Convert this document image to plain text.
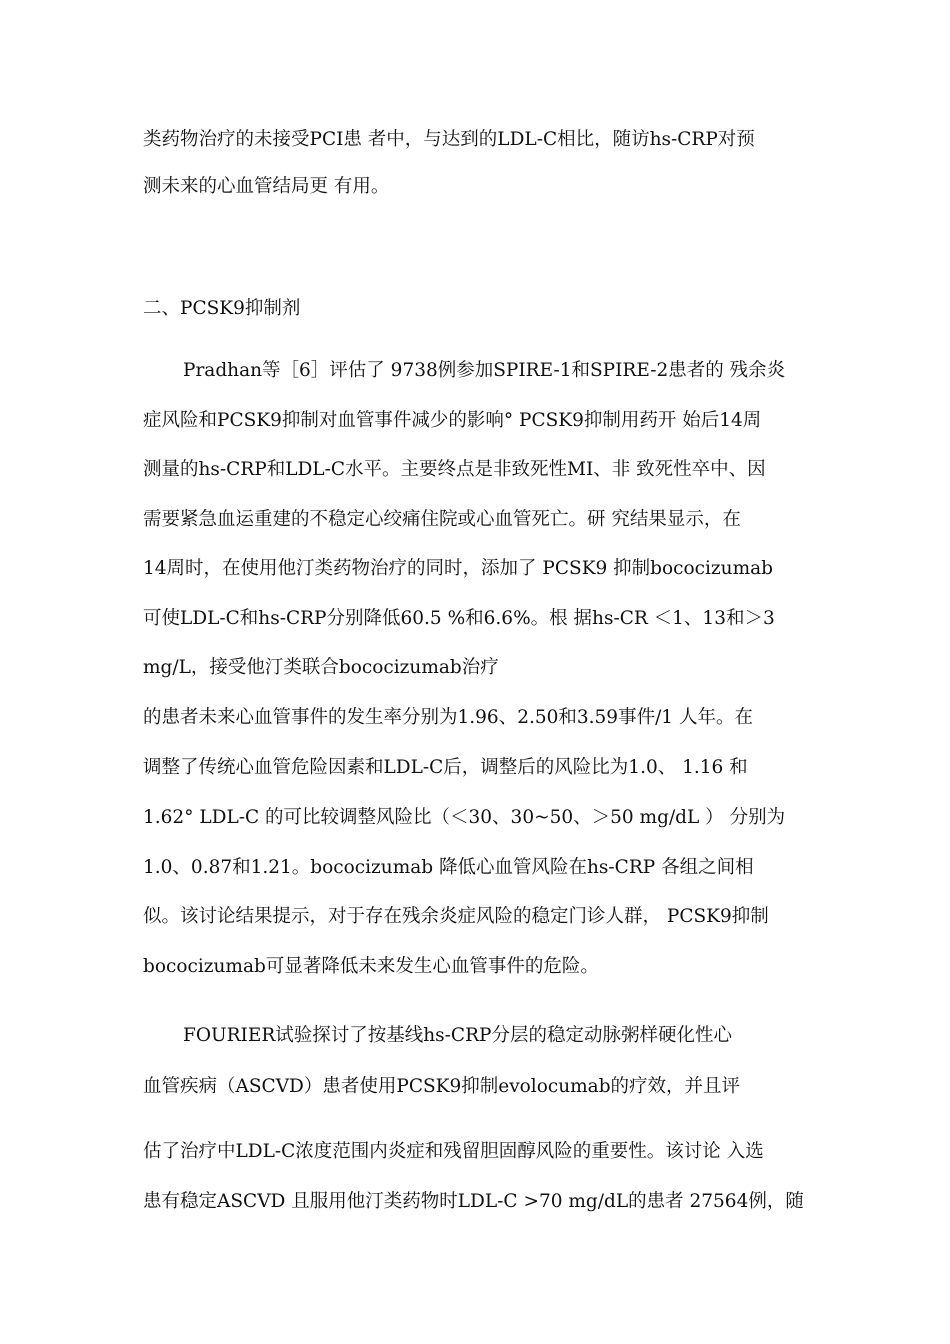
类药物治疗的未接受PCI患 者中，与达到的LDL-C相比，随访hs-CRP对预
测未来的心血管结局更 有用。
二、PCSK9抑制剂
Pradhan等［6］评估了 9738例参加SPIRE-1和SPIRE-2患者的 残余炎
症风险和PCSK9抑制对血管事件减少的影响° PCSK9抑制用药开 始后14周
测量的hs-CRP和LDL-C水平。主要终点是非致死性MI、非 致死性卒中、因
需要紧急血运重建的不稳定心绞痛住院或心血管死亡。研 究结果显示，在
14周时，在使用他汀类药物治疗的同时，添加了 PCSK9 抑制bococizumab
可使LDL-C和hs-CRP分别降低60.5 %和6.6%。根 据hs-CR ＜1、13和＞3
mg/L，接受他汀类联合bococizumab治疗
的患者未来心血管事件的发生率分别为1.96、2.50和3.59事件/1 人年。在
调整了传统心血管危险因素和LDL-C后，调整后的风险比为1.0、 1.16 和
1.62° LDL-C 的可比较调整风险比（＜30、30~50、＞50 mg/dL ） 分别为
1.0、0.87和1.21。bococizumab 降低心血管风险在hs-CRP 各组之间相
似。该讨论结果提示，对于存在残余炎症风险的稳定门诊人群， PCSK9抑制
bococizumab可显著降低未来发生心血管事件的危险。
FOURIER试验探讨了按基线hs-CRP分层的稳定动脉粥样硬化性心
血管疾病（ASCVD）患者使用PCSK9抑制evolocumab的疗效，并且评
估了治疗中LDL-C浓度范围内炎症和残留胆固醇风险的重要性。该讨论 入选
患有稳定ASCVD 且服用他汀类药物时LDL-C >70 mg/dL的患者 27564例，随
